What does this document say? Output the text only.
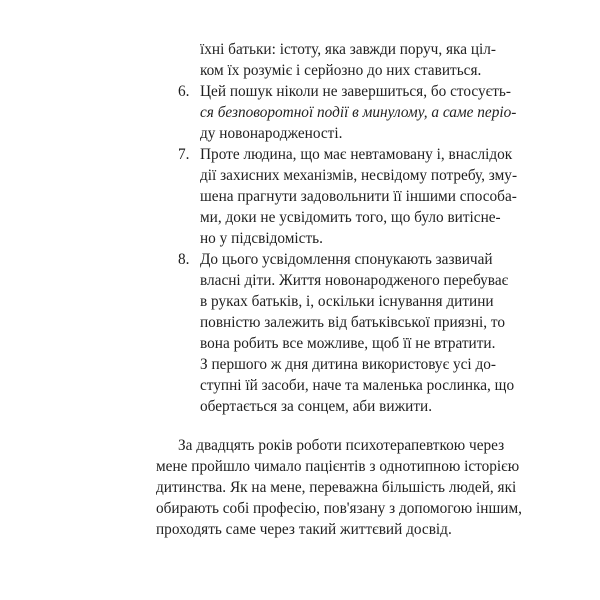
їхні батьки: істоту, яка завжди поруч, яка ціл-
ком їх розуміє і серйозно до них ставиться.
6. Цей пошук ніколи не завершиться, бо стосуєть-
ся безповоротної події в минулому, а саме періо-
ду новонародженості.
7. Проте людина, що має невтамовану і, внаслідок
дії захисних механізмів, несвідому потребу, зму-
шена прагнути задовольнити її іншими способа-
ми, доки не усвідомить того, що було витісне-
но у підсвідомість.
8. До цього усвідомлення спонукають зазвичай
власні діти. Життя новонародженого перебуває
в руках батьків, і, оскільки існування дитини
повністю залежить від батьківської приязні, то
вона робить все можливе, щоб її не втратити.
З першого ж дня дитина використовує усі до-
ступні їй засоби, наче та маленька рослинка, що
обертається за сонцем, аби вижити.
За двадцять років роботи психотерапевткою через
мене пройшло чимало пацієнтів з однотипною історією
дитинства. Як на мене, переважна більшість людей, які
обирають собі професію, пов'язану з допомогою іншим,
проходять саме через такий життєвий досвід.
